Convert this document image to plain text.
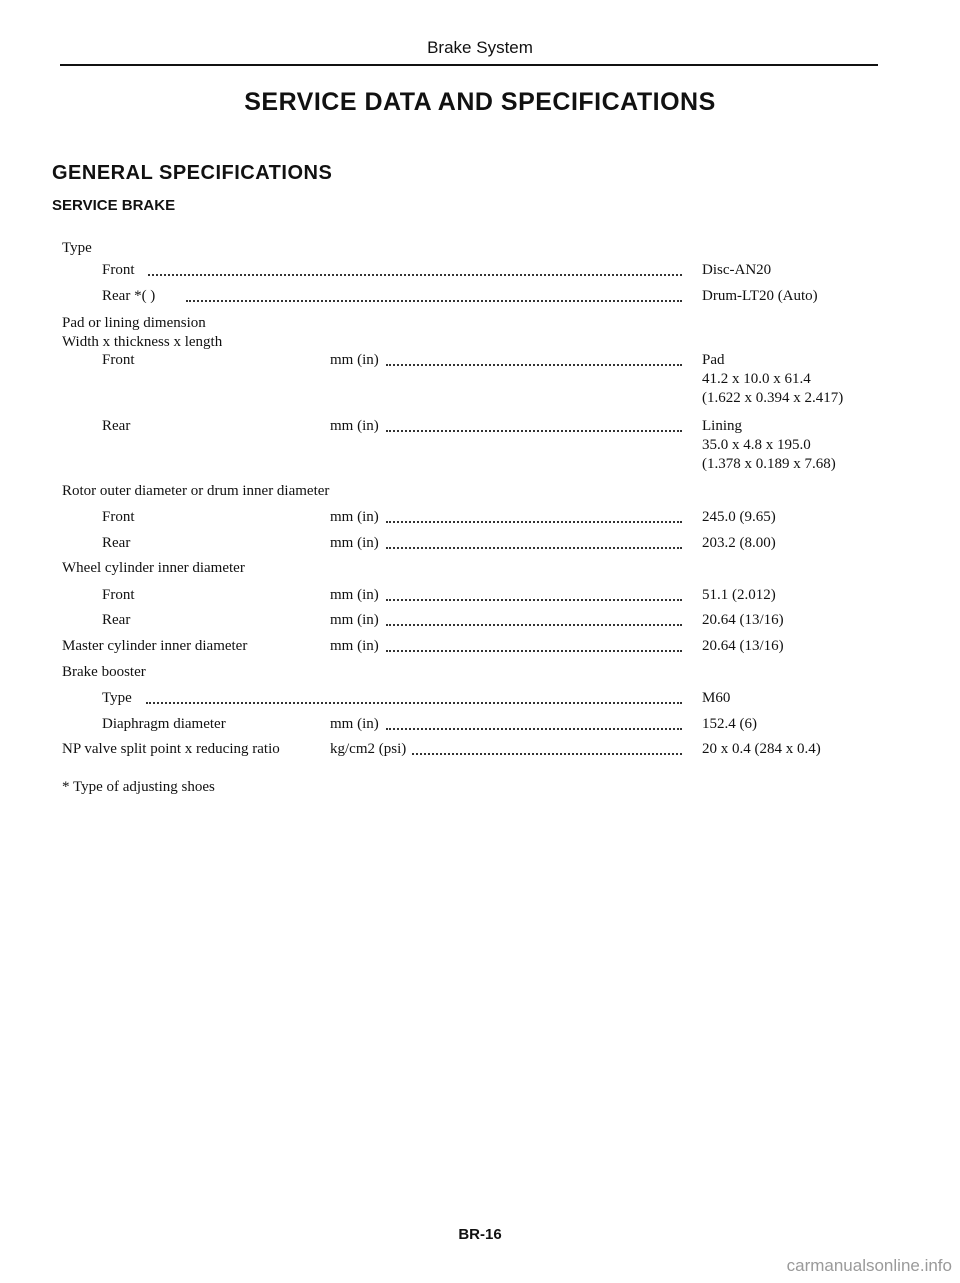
Brake System
SERVICE DATA AND SPECIFICATIONS
GENERAL SPECIFICATIONS
SERVICE BRAKE
Type
Front	Disc-AN20
Rear *( )	Drum-LT20 (Auto)
Pad or lining dimension
Width x thickness x length
Front	mm (in)	Pad
41.2 x 10.0 x 61.4
(1.622 x 0.394 x 2.417)
Rear	mm (in)	Lining
35.0 x 4.8 x 195.0
(1.378 x 0.189 x 7.68)
Rotor outer diameter or drum inner diameter
Front	mm (in)	245.0 (9.65)
Rear	mm (in)	203.2 (8.00)
Wheel cylinder inner diameter
Front	mm (in)	51.1 (2.012)
Rear	mm (in)	20.64 (13/16)
Master cylinder inner diameter	mm (in)	20.64 (13/16)
Brake booster
Type	M60
Diaphragm diameter	mm (in)	152.4 (6)
NP valve split point x reducing ratio	kg/cm2 (psi)	20 x 0.4 (284 x 0.4)
* Type of adjusting shoes
BR-16
carmanualsonline.info
